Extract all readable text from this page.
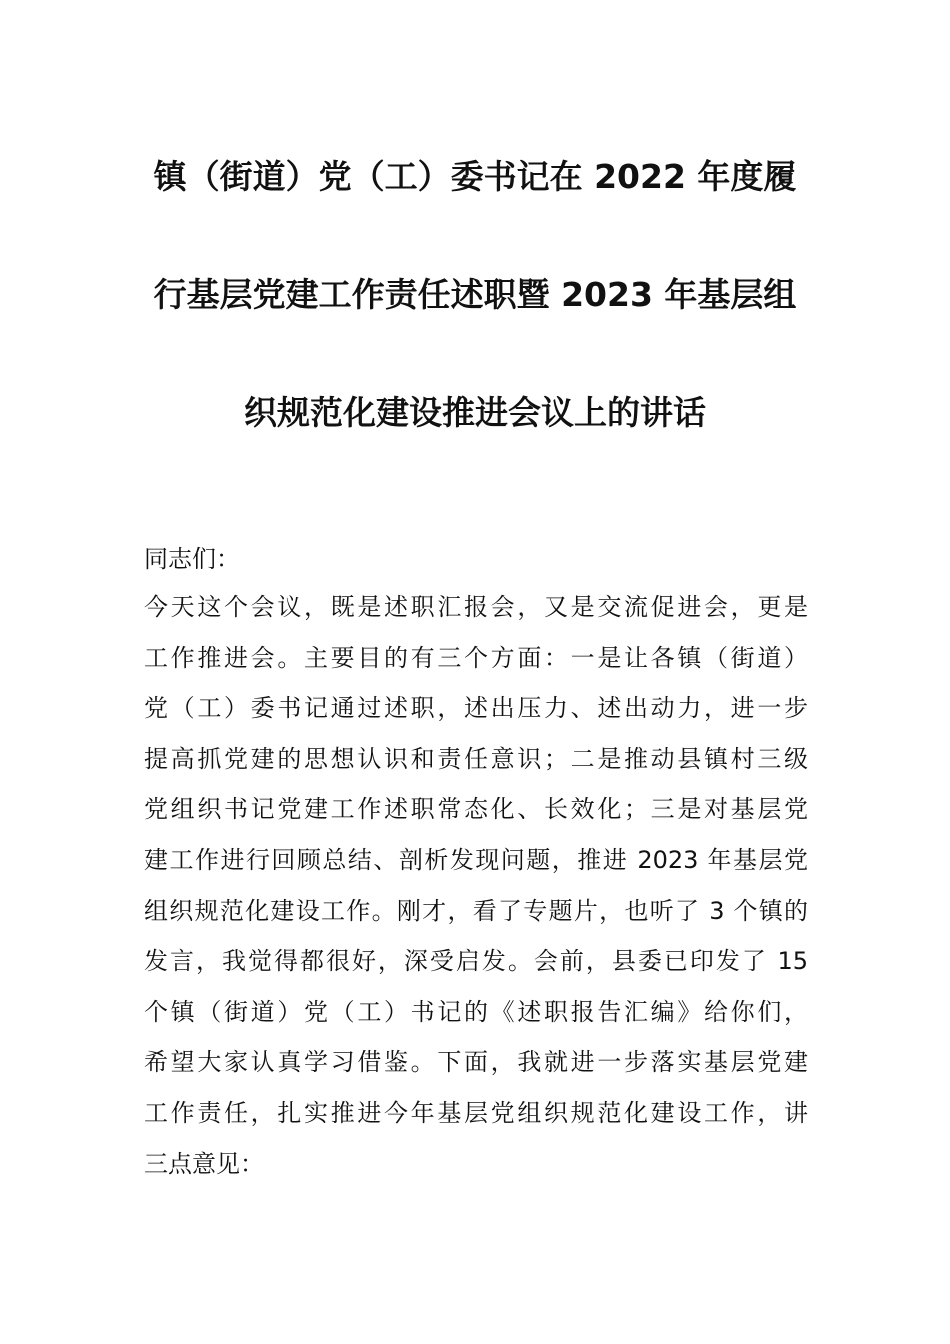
镇（街道）党（工）委书记在 2022 年度履
行基层党建工作责任述职暨 2023 年基层组
织规范化建设推进会议上的讲话
同志们：
今天这个会议，既是述职汇报会，又是交流促进会，更是
工作推进会。主要目的有三个方面：一是让各镇（街道）
党（工）委书记通过述职，述出压力、述出动力，进一步
提高抓党建的思想认识和责任意识；二是推动县镇村三级
党组织书记党建工作述职常态化、长效化；三是对基层党
建工作进行回顾总结、剖析发现问题，推进 2023 年基层党
组织规范化建设工作。刚才，看了专题片，也听了 3 个镇的
发言，我觉得都很好，深受启发。会前，县委已印发了 15
个镇（街道）党（工）书记的《述职报告汇编》给你们，
希望大家认真学习借鉴。下面，我就进一步落实基层党建
工作责任，扎实推进今年基层党组织规范化建设工作，讲
三点意见：
